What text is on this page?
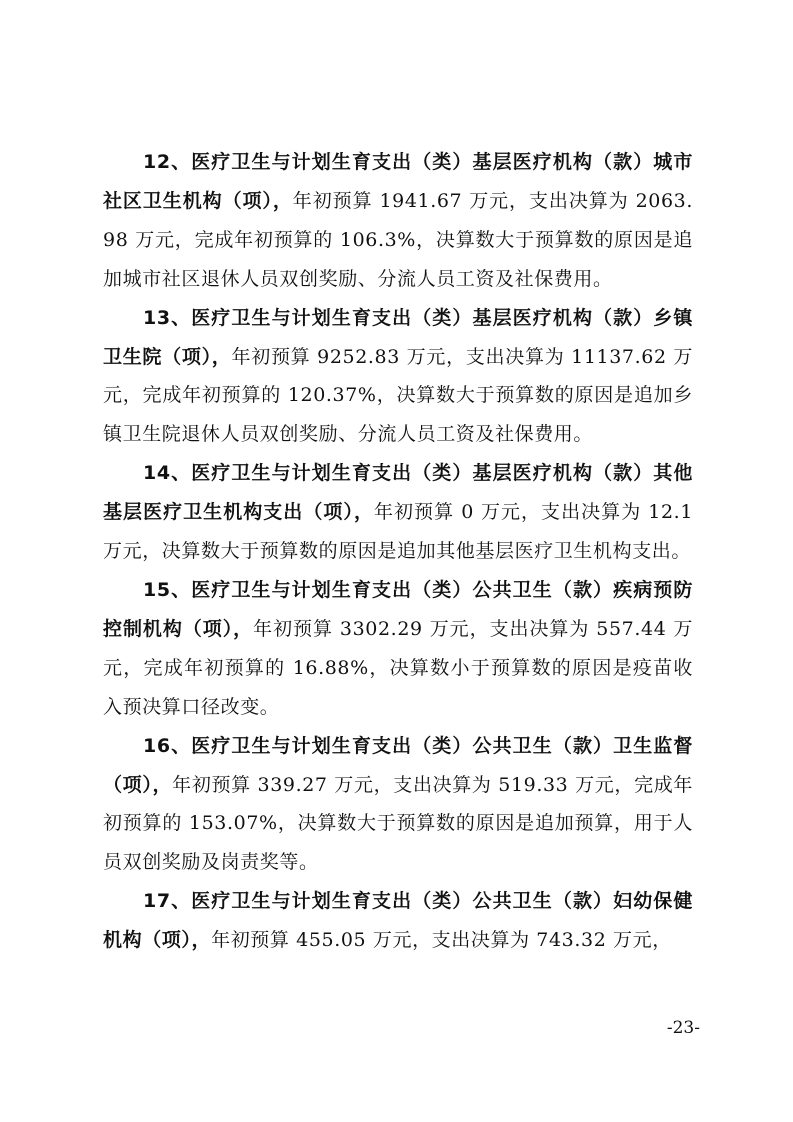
12、医疗卫生与计划生育支出（类）基层医疗机构（款）城市社区卫生机构（项），年初预算 1941.67 万元，支出决算为 2063.98 万元，完成年初预算的 106.3%，决算数大于预算数的原因是追加城市社区退休人员双创奖励、分流人员工资及社保费用。

13、医疗卫生与计划生育支出（类）基层医疗机构（款）乡镇卫生院（项），年初预算 9252.83 万元，支出决算为 11137.62 万元，完成年初预算的 120.37%，决算数大于预算数的原因是追加乡镇卫生院退休人员双创奖励、分流人员工资及社保费用。

14、医疗卫生与计划生育支出（类）基层医疗机构（款）其他基层医疗卫生机构支出（项），年初预算 0 万元，支出决算为 12.1 万元，决算数大于预算数的原因是追加其他基层医疗卫生机构支出。

15、医疗卫生与计划生育支出（类）公共卫生（款）疾病预防控制机构（项），年初预算 3302.29 万元，支出决算为 557.44 万元，完成年初预算的 16.88%，决算数小于预算数的原因是疫苗收入预决算口径改变。

16、医疗卫生与计划生育支出（类）公共卫生（款）卫生监督（项），年初预算 339.27 万元，支出决算为 519.33 万元，完成年初预算的 153.07%，决算数大于预算数的原因是追加预算，用于人员双创奖励及岗责奖等。

17、医疗卫生与计划生育支出（类）公共卫生（款）妇幼保健机构（项），年初预算 455.05 万元，支出决算为 743.32 万元，

-23-
